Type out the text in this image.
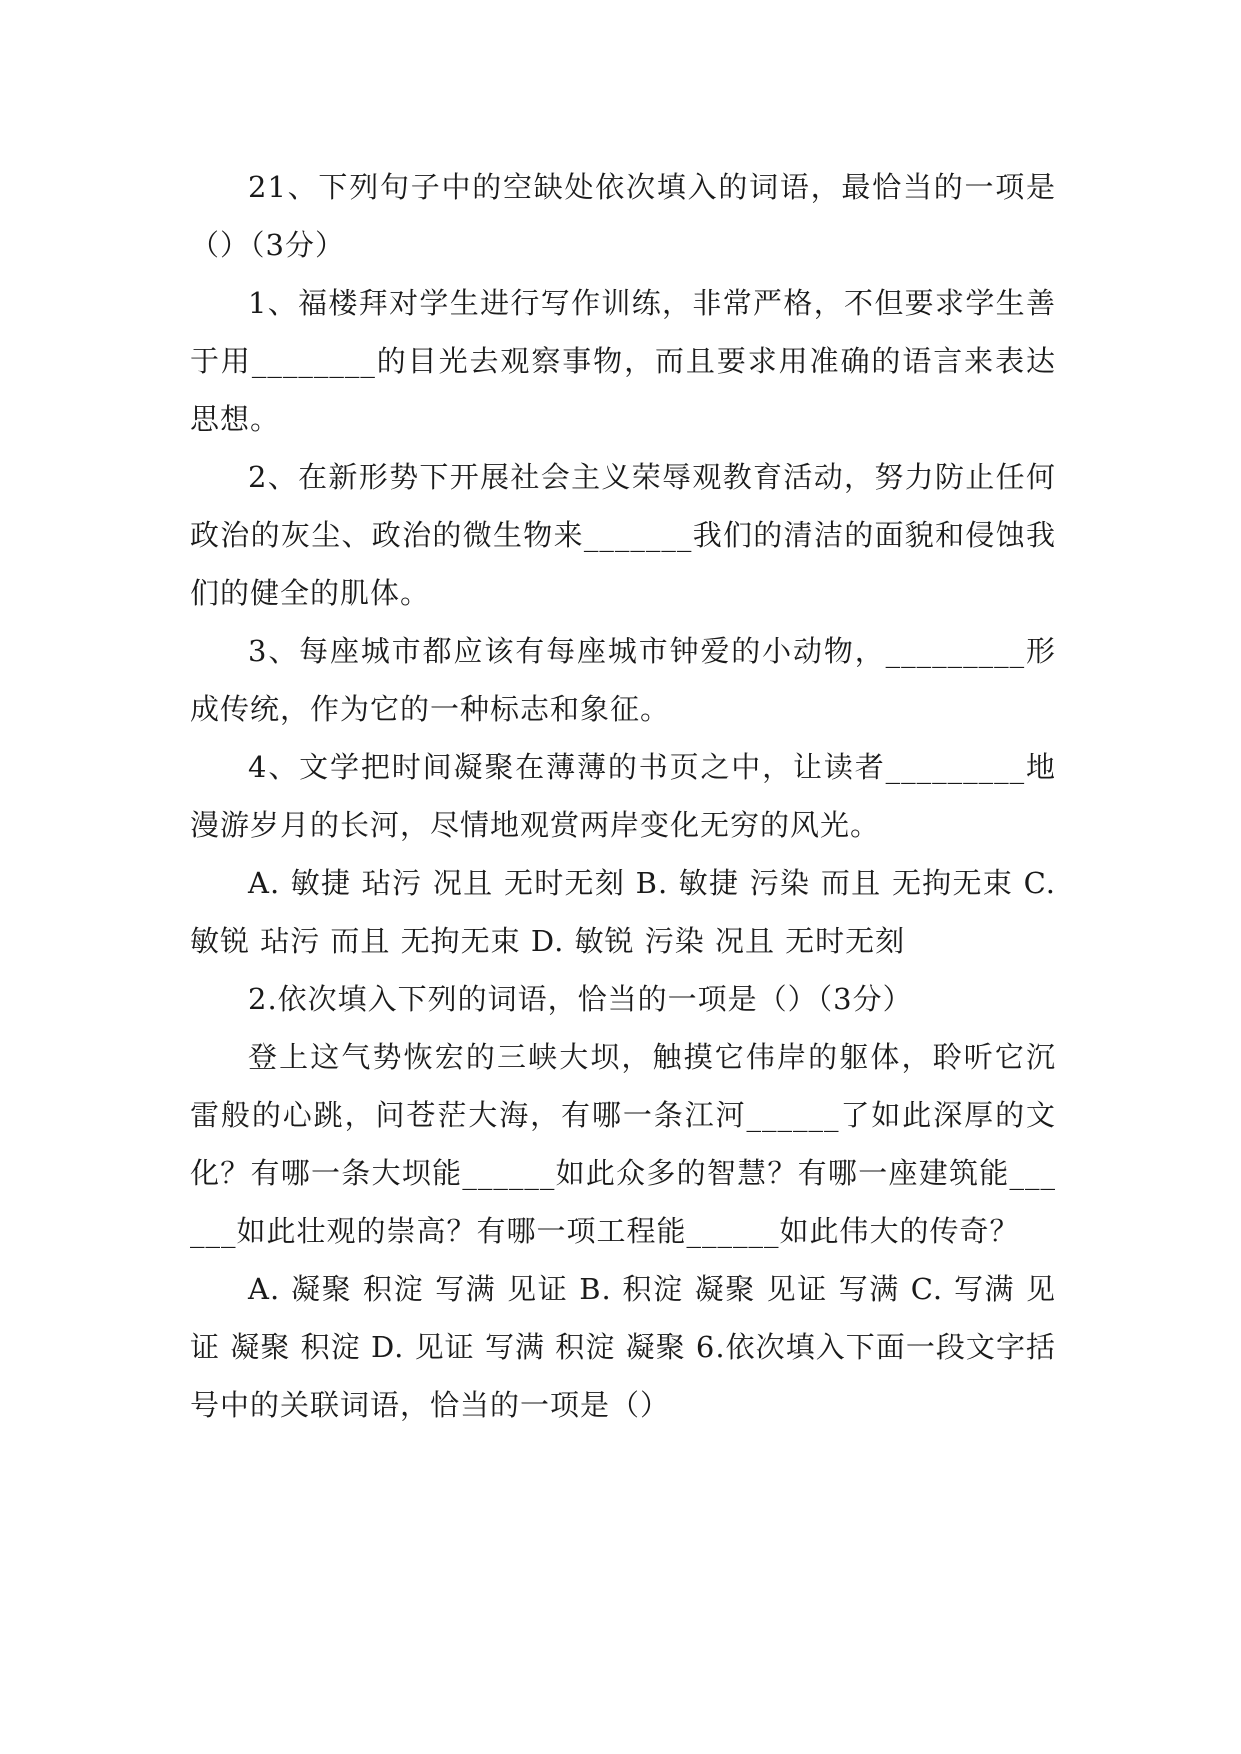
21、下列句子中的空缺处依次填入的词语，最恰当的一项是（）（3分）

1、福楼拜对学生进行写作训练，非常严格，不但要求学生善于用________的目光去观察事物，而且要求用准确的语言来表达思想。

2、在新形势下开展社会主义荣辱观教育活动，努力防止任何政治的灰尘、政治的微生物来_______我们的清洁的面貌和侵蚀我们的健全的肌体。

3、每座城市都应该有每座城市钟爱的小动物，_________形成传统，作为它的一种标志和象征。

4、文学把时间凝聚在薄薄的书页之中，让读者_________地漫游岁月的长河，尽情地观赏两岸变化无穷的风光。

A. 敏捷 玷污 况且 无时无刻 B. 敏捷 污染 而且 无拘无束 C. 敏锐 玷污 而且 无拘无束 D. 敏锐 污染 况且 无时无刻

2.依次填入下列的词语，恰当的一项是（）（3分）

登上这气势恢宏的三峡大坝，触摸它伟岸的躯体，聆听它沉雷般的心跳，问苍茫大海，有哪一条江河______了如此深厚的文化？有哪一条大坝能______如此众多的智慧？有哪一座建筑能______如此壮观的崇高？有哪一项工程能______如此伟大的传奇？

A. 凝聚 积淀 写满 见证 B. 积淀 凝聚 见证 写满 C. 写满 见证 凝聚 积淀 D. 见证 写满 积淀 凝聚 6.依次填入下面一段文字括号中的关联词语，恰当的一项是（）
